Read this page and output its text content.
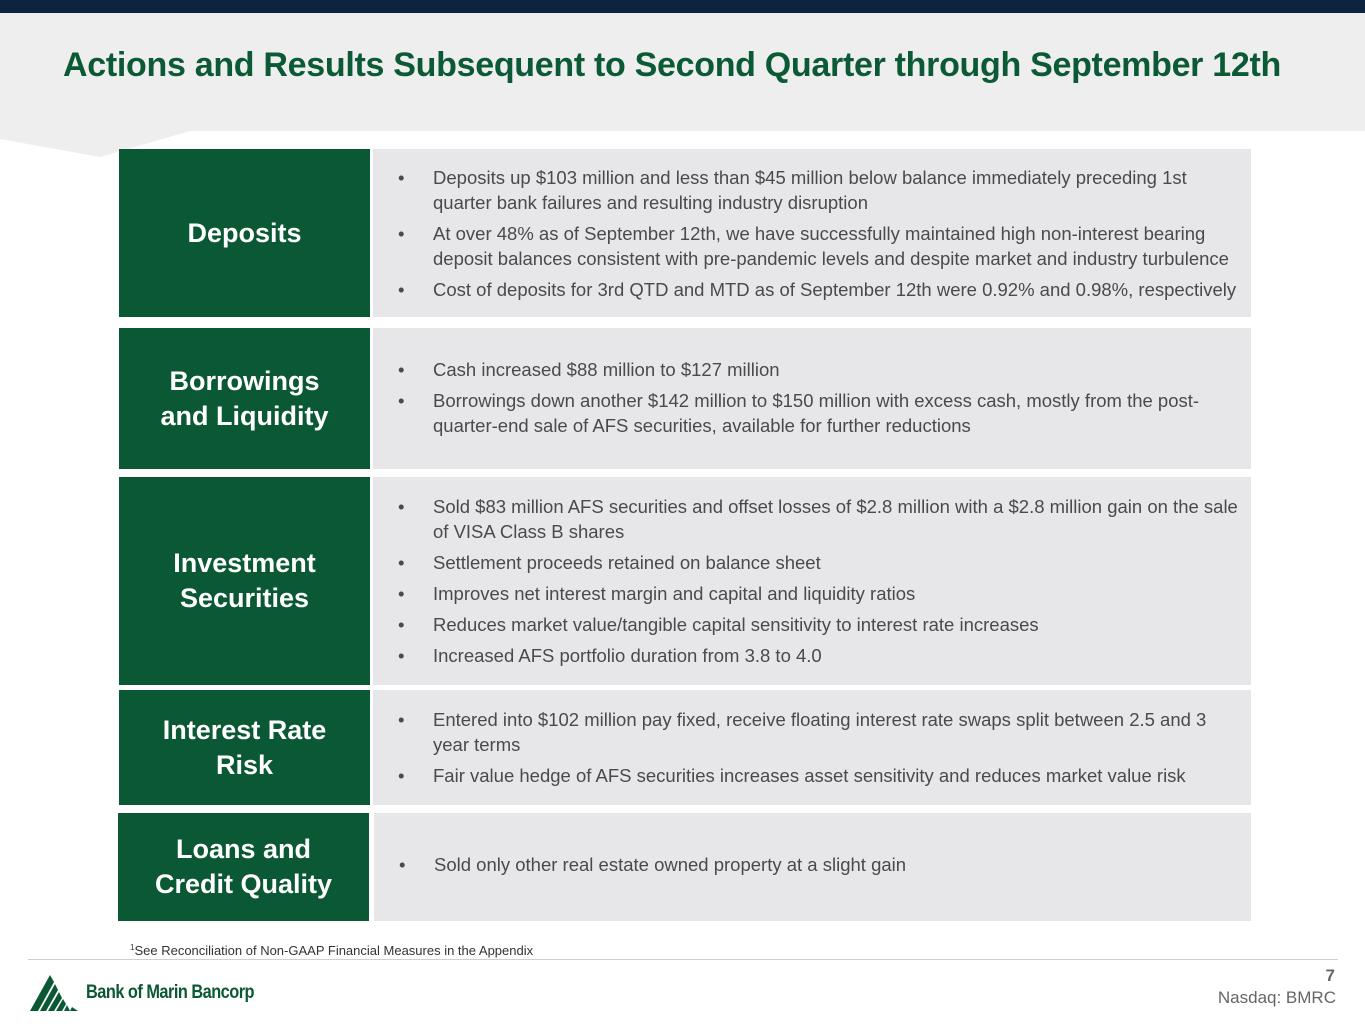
Actions and Results Subsequent to Second Quarter through September 12th
Deposits
• Deposits up $103 million and less than $45 million below balance immediately preceding 1st quarter bank failures and resulting industry disruption
• At over 48% as of September 12th, we have successfully maintained high non-interest bearing deposit balances consistent with pre-pandemic levels and despite market and industry turbulence
• Cost of deposits for 3rd QTD and MTD as of September 12th were 0.92% and 0.98%, respectively
Borrowings
and Liquidity
• Cash increased $88 million to $127 million
• Borrowings down another $142 million to $150 million with excess cash, mostly from the post-quarter-end sale of AFS securities, available for further reductions
Investment
Securities
• Sold $83 million AFS securities and offset losses of $2.8 million with a $2.8 million gain on the sale of VISA Class B shares
• Settlement proceeds retained on balance sheet
• Improves net interest margin and capital and liquidity ratios
• Reduces market value/tangible capital sensitivity to interest rate increases
• Increased AFS portfolio duration from 3.8 to 4.0
Interest Rate
Risk
• Entered into $102 million pay fixed, receive floating interest rate swaps split between 2.5 and 3 year terms
• Fair value hedge of AFS securities increases asset sensitivity and reduces market value risk
Loans and
Credit Quality
• Sold only other real estate owned property at a slight gain
$^1$See Reconciliation of Non-GAAP Financial Measures in the Appendix
Bank of Marin Bancorp
7
Nasdaq: BMRC
